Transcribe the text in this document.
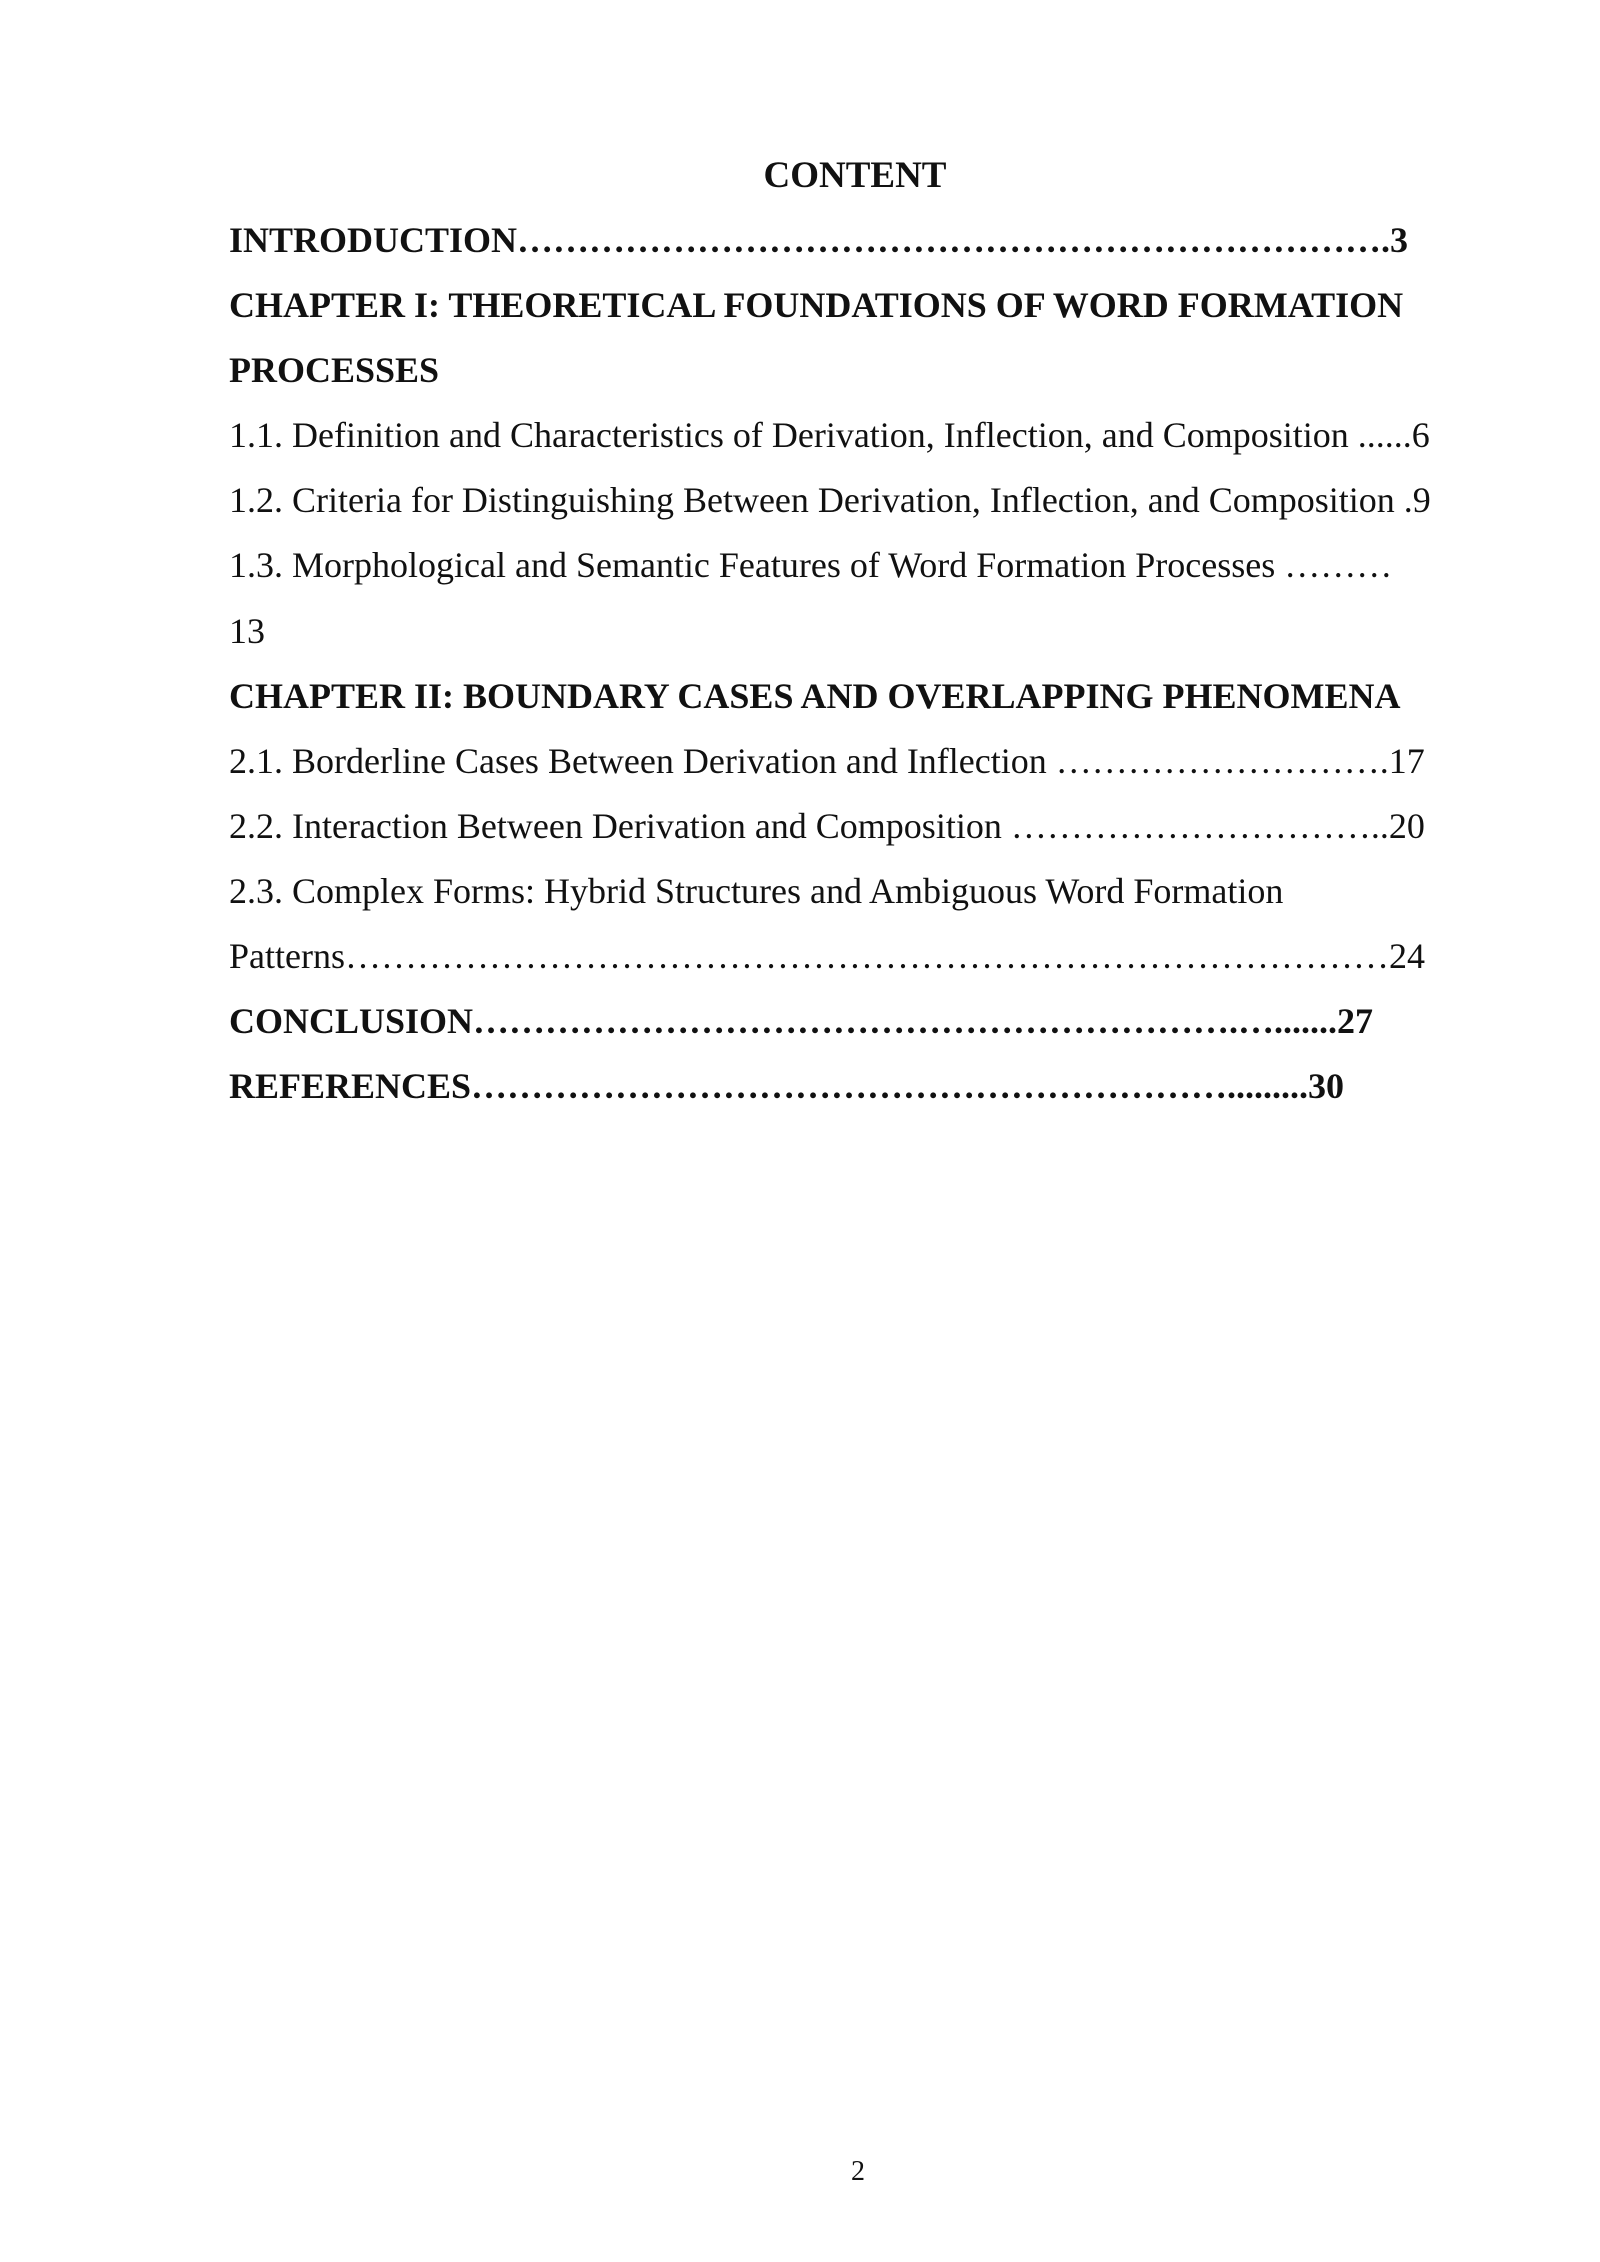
CONTENT
INTRODUCTION……………………………………………………………….3
CHAPTER I: THEORETICAL FOUNDATIONS OF WORD FORMATION
PROCESSES
1.1. Definition and Characteristics of Derivation, Inflection, and Composition ......6
1.2. Criteria for Distinguishing Between Derivation, Inflection, and Composition .9
1.3. Morphological and Semantic Features of Word Formation Processes ………
13
CHAPTER II: BOUNDARY CASES AND OVERLAPPING PHENOMENA
2.1. Borderline Cases Between Derivation and Inflection ……………………….17
2.2. Interaction Between Derivation and Composition …………………………..20
2.3. Complex Forms: Hybrid Structures and Ambiguous Word Formation
Patterns……………………………………………………………………………24
CONCLUSION……………………………………………………….….......27
REFERENCES……………………………………………………….........30
2
